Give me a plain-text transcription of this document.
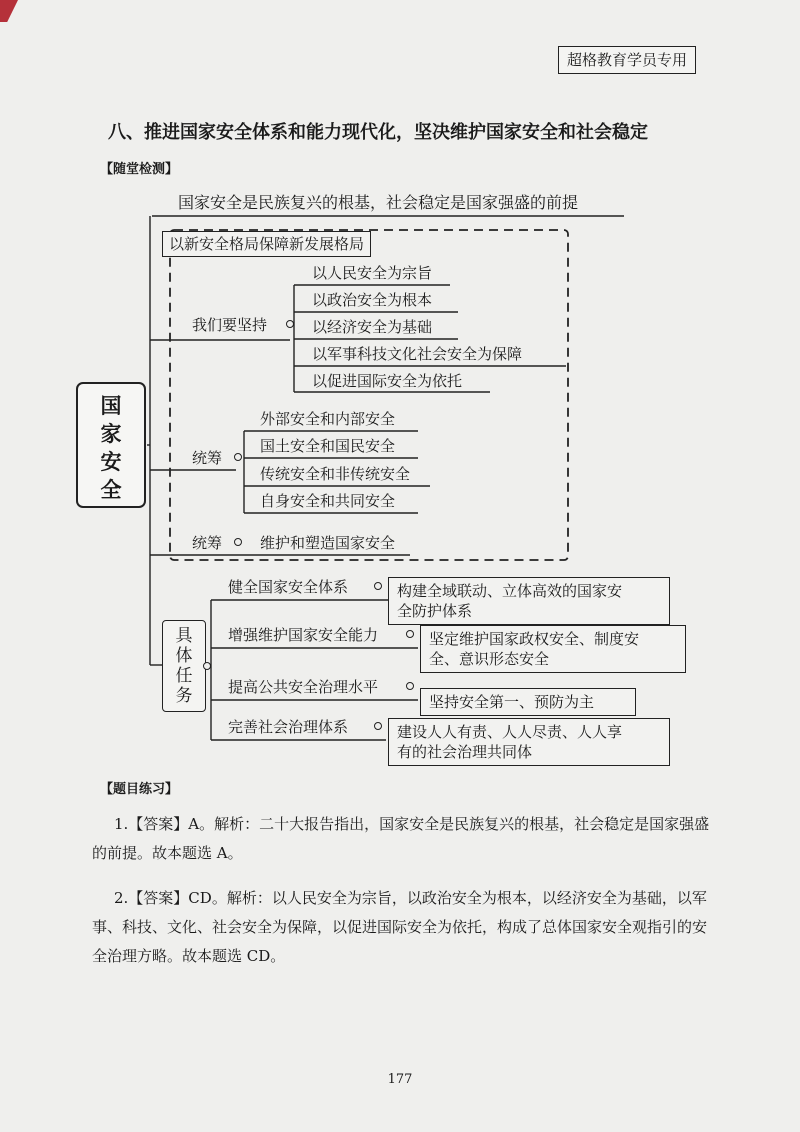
超格教育学员专用
八、推进国家安全体系和能力现代化，坚决维护国家安全和社会稳定
【随堂检测】
国家安全是民族复兴的根基，社会稳定是国家强盛的前提
以新安全格局保障新发展格局
国
家
安
全
我们要坚持
以人民安全为宗旨
以政治安全为根本
以经济安全为基础
以军事科技文化社会安全为保障
以促进国际安全为依托
统筹
外部安全和内部安全
国土安全和国民安全
传统安全和非传统安全
自身安全和共同安全
统筹	维护和塑造国家安全
具
体
任
务
健全国家安全体系	构建全域联动、立体高效的国家安
全防护体系
增强维护国家安全能力	坚定维护国家政权安全、制度安
全、意识形态安全
提高公共安全治理水平
坚持安全第一、预防为主
完善社会治理体系	建设人人有责、人人尽责、人人享
有的社会治理共同体
【题目练习】
1.【答案】A。解析：二十大报告指出，国家安全是民族复兴的根基，社会稳定是国家强盛
的前提。故本题选 A。
2.【答案】CD。解析：以人民安全为宗旨，以政治安全为根本，以经济安全为基础，以军
事、科技、文化、社会安全为保障，以促进国际安全为依托，构成了总体国家安全观指引的安
全治理方略。故本题选 CD。
177
